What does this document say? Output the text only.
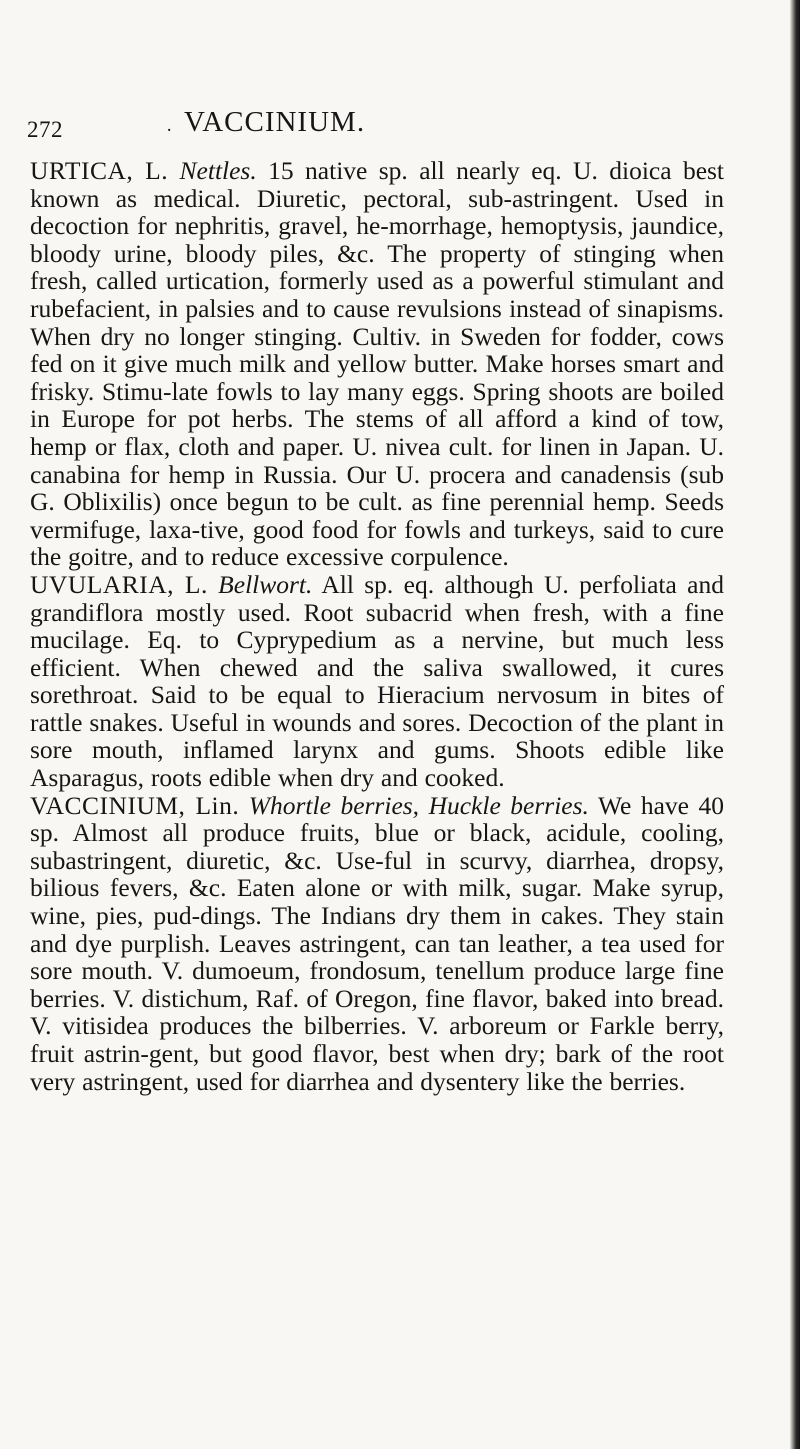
272	· VACCINIUM.

URTICA, L. Nettles. 15 native sp. all nearly eq. U. dioica best known as medical. Diuretic, pectoral, sub-astringent. Used in decoction for nephritis, gravel, he-morrhage, hemoptysis, jaundice, bloody urine, bloody piles, &c. The property of stinging when fresh, called urtication, formerly used as a powerful stimulant and rubefacient, in palsies and to cause revulsions instead of sinapisms. When dry no longer stinging. Cultiv. in Sweden for fodder, cows fed on it give much milk and yellow butter. Make horses smart and frisky. Stimu-late fowls to lay many eggs. Spring shoots are boiled in Europe for pot herbs. The stems of all afford a kind of tow, hemp or flax, cloth and paper. U. nivea cult. for linen in Japan. U. canabina for hemp in Russia. Our U. procera and canadensis (sub G. Oblixilis) once begun to be cult. as fine perennial hemp. Seeds vermifuge, laxa-tive, good food for fowls and turkeys, said to cure the goitre, and to reduce excessive corpulence.

UVULARIA, L. Bellwort. All sp. eq. although U. perfoliata and grandiflora mostly used. Root subacrid when fresh, with a fine mucilage. Eq. to Cyprypedium as a nervine, but much less efficient. When chewed and the saliva swallowed, it cures sorethroat. Said to be equal to Hieracium nervosum in bites of rattle snakes. Useful in wounds and sores. Decoction of the plant in sore mouth, inflamed larynx and gums. Shoots edible like Asparagus, roots edible when dry and cooked.

VACCINIUM, Lin. Whortle berries, Huckle berries. We have 40 sp. Almost all produce fruits, blue or black, acidule, cooling, subastringent, diuretic, &c. Use-ful in scurvy, diarrhea, dropsy, bilious fevers, &c. Eaten alone or with milk, sugar. Make syrup, wine, pies, pud-dings. The Indians dry them in cakes. They stain and dye purplish. Leaves astringent, can tan leather, a tea used for sore mouth. V. dumoeum, frondosum, tenellum produce large fine berries. V. distichum, Raf. of Oregon, fine flavor, baked into bread. V. vitisidea produces the bilberries. V. arboreum or Farkle berry, fruit astrin-gent, but good flavor, best when dry; bark of the root very astringent, used for diarrhea and dysentery like the berries.
